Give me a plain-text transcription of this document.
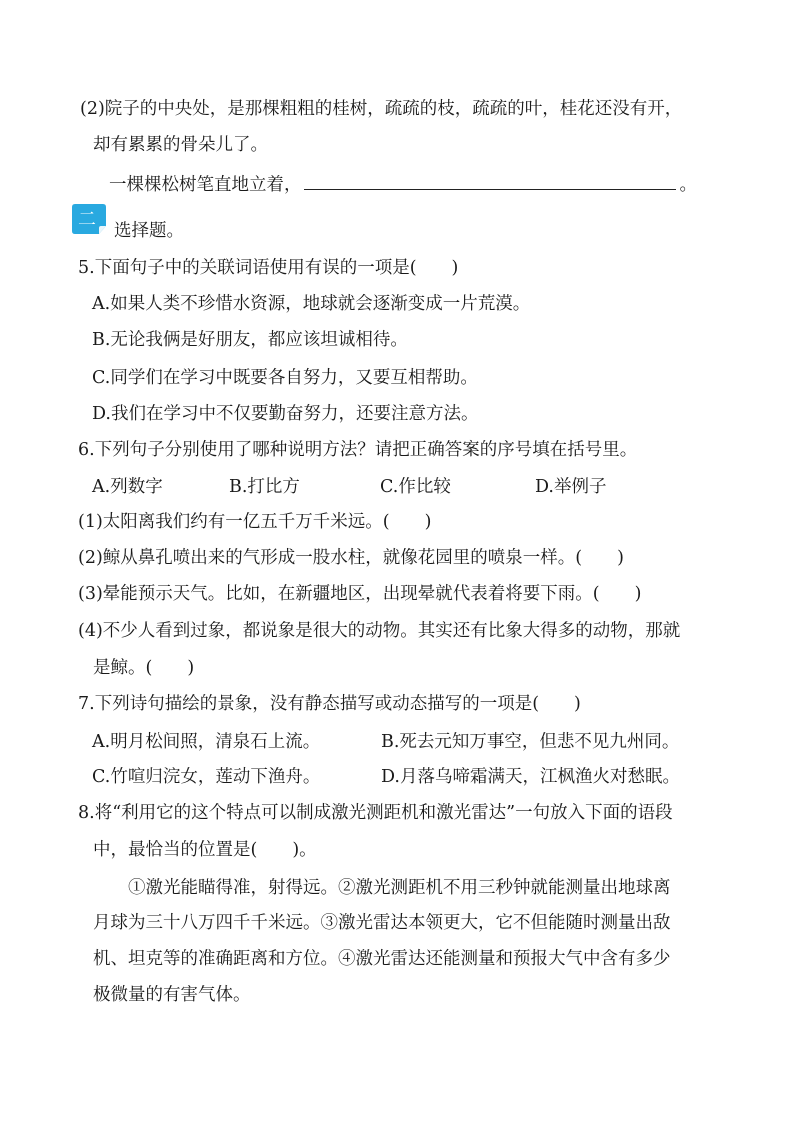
(2)院子的中央处，是那棵粗粗的桂树，疏疏的枝，疏疏的叶，桂花还没有开，
却有累累的骨朵儿了。
一棵棵松树笔直地立着，	。
二
选择题。
5.下面句子中的关联词语使用有误的一项是(　　)
A.如果人类不珍惜水资源，地球就会逐渐变成一片荒漠。
B.无论我俩是好朋友，都应该坦诚相待。
C.同学们在学习中既要各自努力，又要互相帮助。
D.我们在学习中不仅要勤奋努力，还要注意方法。
6.下列句子分别使用了哪种说明方法？请把正确答案的序号填在括号里。
A.列数字	B.打比方	C.作比较	D.举例子
(1)太阳离我们约有一亿五千万千米远。(　　)
(2)鲸从鼻孔喷出来的气形成一股水柱，就像花园里的喷泉一样。(　　)
(3)晕能预示天气。比如，在新疆地区，出现晕就代表着将要下雨。(　　)
(4)不少人看到过象，都说象是很大的动物。其实还有比象大得多的动物，那就
是鲸。(　　)
7.下列诗句描绘的景象，没有静态描写或动态描写的一项是(　　)
A.明月松间照，清泉石上流。	B.死去元知万事空，但悲不见九州同。
C.竹喧归浣女，莲动下渔舟。	D.月落乌啼霜满天，江枫渔火对愁眠。
8.将“利用它的这个特点可以制成激光测距机和激光雷达”一句放入下面的语段
中，最恰当的位置是(　　)。
①激光能瞄得准，射得远。②激光测距机不用三秒钟就能测量出地球离
月球为三十八万四千千米远。③激光雷达本领更大，它不但能随时测量出敌
机、坦克等的准确距离和方位。④激光雷达还能测量和预报大气中含有多少
极微量的有害气体。
